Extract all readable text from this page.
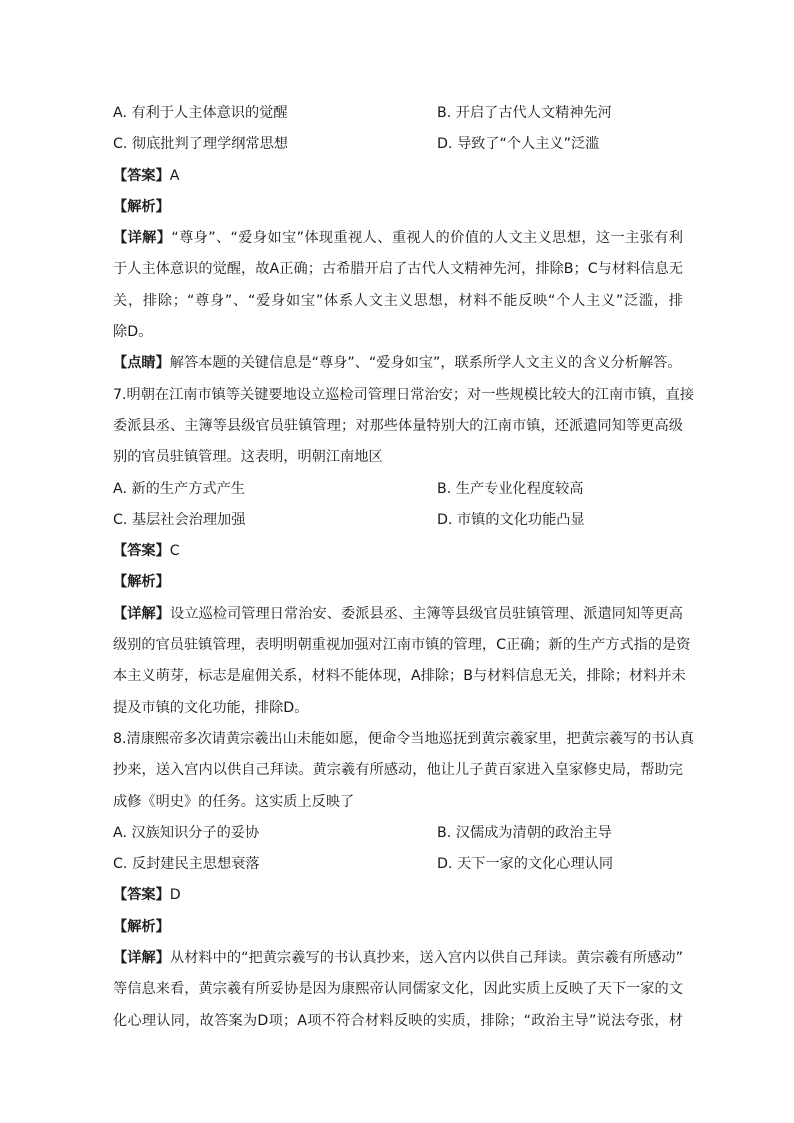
A. 有利于人主体意识的觉醒	B. 开启了古代人文精神先河
C. 彻底批判了理学纲常思想	D. 导致了“个人主义”泛滥
【答案】A
【解析】
【详解】“尊身”、“爱身如宝”体现重视人、重视人的价值的人文主义思想，这一主张有利
于人主体意识的觉醒，故A正确；古希腊开启了古代人文精神先河，排除B；C与材料信息无
关，排除；“尊身”、“爱身如宝”体系人文主义思想，材料不能反映“个人主义”泛滥，排
除D。
【点睛】解答本题的关键信息是“尊身”、“爱身如宝”，联系所学人文主义的含义分析解答。
7.明朝在江南市镇等关键要地设立巡检司管理日常治安；对一些规模比较大的江南市镇，直接
委派县丞、主簿等县级官员驻镇管理；对那些体量特别大的江南市镇，还派遣同知等更高级
别的官员驻镇管理。这表明，明朝江南地区
A. 新的生产方式产生	B. 生产专业化程度较高
C. 基层社会治理加强	D. 市镇的文化功能凸显
【答案】C
【解析】
【详解】设立巡检司管理日常治安、委派县丞、主簿等县级官员驻镇管理、派遣同知等更高
级别的官员驻镇管理，表明明朝重视加强对江南市镇的管理，C正确；新的生产方式指的是资
本主义萌芽，标志是雇佣关系，材料不能体现，A排除；B与材料信息无关，排除；材料并未
提及市镇的文化功能，排除D。
8.清康熙帝多次请黄宗羲出山未能如愿，便命令当地巡抚到黄宗羲家里，把黄宗羲写的书认真
抄来，送入宫内以供自己拜读。黄宗羲有所感动，他让儿子黄百家进入皇家修史局，帮助完
成修《明史》的任务。这实质上反映了
A. 汉族知识分子的妥协	B. 汉儒成为清朝的政治主导
C. 反封建民主思想衰落	D. 天下一家的文化心理认同
【答案】D
【解析】
【详解】从材料中的“把黄宗羲写的书认真抄来，送入宫内以供自己拜读。黄宗羲有所感动”
等信息来看，黄宗羲有所妥协是因为康熙帝认同儒家文化，因此实质上反映了天下一家的文
化心理认同，故答案为D项；A项不符合材料反映的实质，排除；“政治主导”说法夸张，材
